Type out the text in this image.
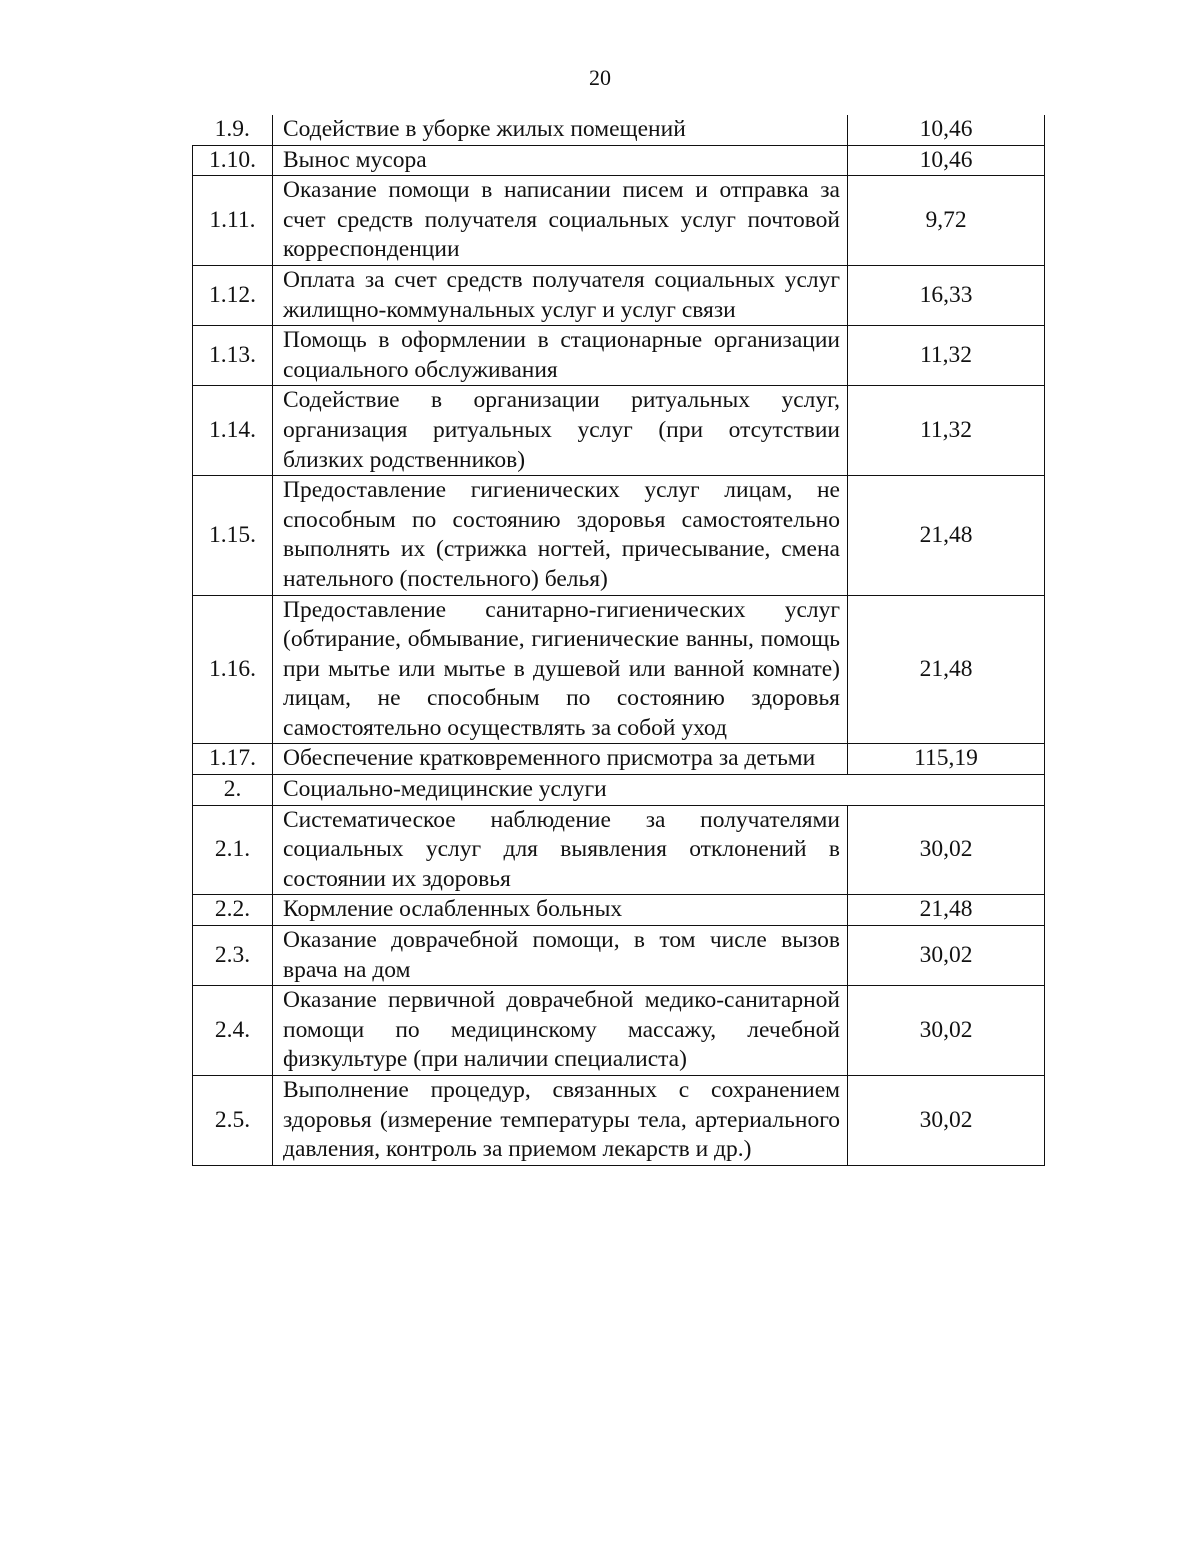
20
1.9.	Содействие в уборке жилых помещений	10,46
1.10.	Вынос мусора	10,46
1.11.	Оказание помощи в написании писем и отправка за счет средств получателя социальных услуг почтовой корреспонденции	9,72
1.12.	Оплата за счет средств получателя социальных услуг жилищно-коммунальных услуг и услуг связи	16,33
1.13.	Помощь в оформлении в стационарные организации социального обслуживания	11,32
1.14.	Содействие в организации ритуальных услуг, организация ритуальных услуг (при отсутствии близких родственников)	11,32
1.15.	Предоставление гигиенических услуг лицам, не способным по состоянию здоровья самостоятельно выполнять их (стрижка ногтей, причесывание, смена нательного (постельного) белья)	21,48
1.16.	Предоставление санитарно-гигиенических услуг (обтирание, обмывание, гигиенические ванны, помощь при мытье или мытье в душевой или ванной комнате) лицам, не способным по состоянию здоровья самостоятельно осуществлять за собой уход	21,48
1.17.	Обеспечение кратковременного присмотра за детьми	115,19
2.	Социально-медицинские услуги	
2.1.	Систематическое наблюдение за получателями социальных услуг для выявления отклонений в состоянии их здоровья	30,02
2.2.	Кормление ослабленных больных	21,48
2.3.	Оказание доврачебной помощи, в том числе вызов врача на дом	30,02
2.4.	Оказание первичной доврачебной медико-санитарной помощи по медицинскому массажу, лечебной физкультуре (при наличии специалиста)	30,02
2.5.	Выполнение процедур, связанных с сохранением здоровья (измерение температуры тела, артериального давления, контроль за приемом лекарств и др.)	30,02
